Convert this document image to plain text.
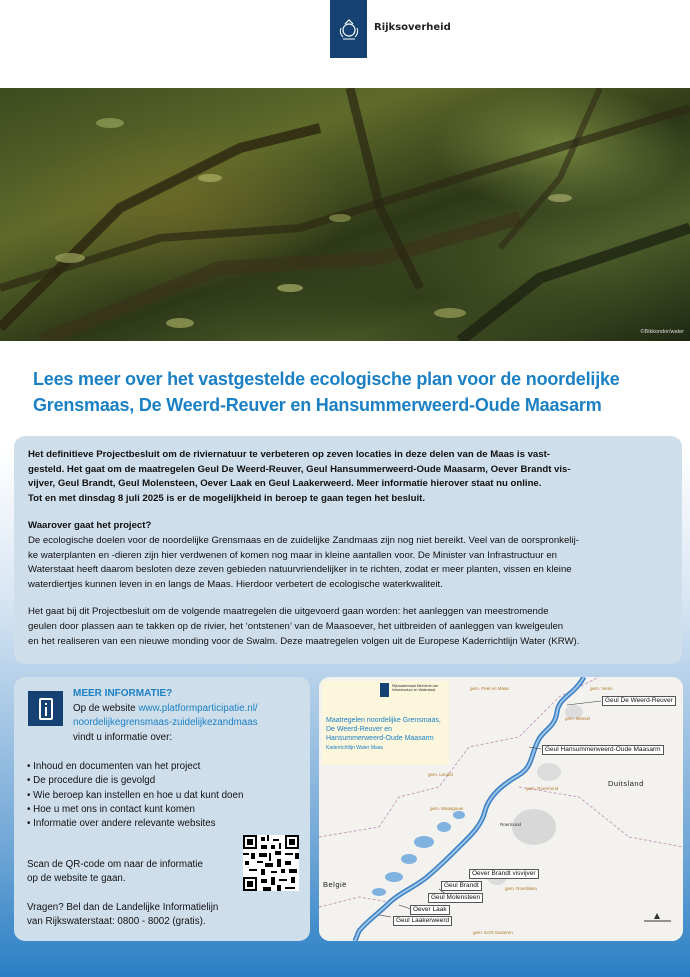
Rijksoverheid
©Bikkondor/water
Lees meer over het vastgestelde ecologische plan voor de noordelijke Grensmaas, De Weerd-Reuver en Hansummerweerd-Oude Maasarm

Het definitieve Projectbesluit om de riviernatuur te verbeteren op zeven locaties in deze delen van de Maas is vast-

gesteld. Het gaat om de maatregelen Geul De Weerd-Reuver, Geul Hansummerweerd-Oude Maasarm, Oever Brandt vis-

vijver, Geul Brandt, Geul Molensteen, Oever Laak en Geul Laakerweerd. Meer informatie hierover staat nu online.

Tot en met dinsdag 8 juli 2025 is er de mogelijkheid in beroep te gaan tegen het besluit.

Waarover gaat het project?

De ecologische doelen voor de noordelijke Grensmaas en de zuidelijke Zandmaas zijn nog niet bereikt. Veel van de oorspronkelij-

ke waterplanten en -dieren zijn hier verdwenen of komen nog maar in kleine aantallen voor. De Minister van Infrastructuur en

Waterstaat heeft daarom besloten deze zeven gebieden natuurvriendelijker in te richten, zodat er meer planten, vissen en kleine

waterdiertjes kunnen leven in en langs de Maas. Hierdoor verbetert de ecologische waterkwaliteit.

Het gaat bij dit Projectbesluit om de volgende maatregelen die uitgevoerd gaan worden: het aanleggen van meestromende

geulen door plassen aan te takken op de rivier, het ‘ontstenen’ van de Maasoever, het uitbreiden of aanleggen van kwelgeulen

en het realiseren van een nieuwe monding voor de Swalm. Deze maatregelen volgen uit de Europese Kaderrichtlijn Water (KRW).

MEER INFORMATIE?
Op de website www.platformparticipatie.nl/
noordelijkegrensmaas-zuidelijkezandmaas
vindt u informatie over:
• Inhoud en documenten van het project
• De procedure die is gevolgd
• Wie beroep kan instellen en hoe u dat kunt doen
• Hoe u met ons in contact kunt komen
• Informatie over andere relevante websites
Scan de QR-code om naar de informatie
op de website te gaan.
Vragen? Bel dan de Landelijke Informatielijn
van Rijkswaterstaat: 0800 - 8002 (gratis).
Rijkswaterstaat Ministerie van Infrastructuur en Waterstaat
Maatregelen noordelijke Grensmaas,
De Weerd-Reuver en
Hansummerweerd-Oude Maasarm
Kaderrichtlijn Water Maas
gem. Peel en Maas	gem. Venlo
gem. Beesel
gem. Leudal
gem. Roermond
gem. Maasgouw
Roermond
gem. Roerdalen
gem. Echt-Susteren
Duitsland
België
Geul De Weerd-Reuver
Geul Hansummerweerd-Oude Maasarm
Oever Brandt visvijver
Geul Brandt
Geul Molensteen
Oever Laak
Geul Laakerweerd
